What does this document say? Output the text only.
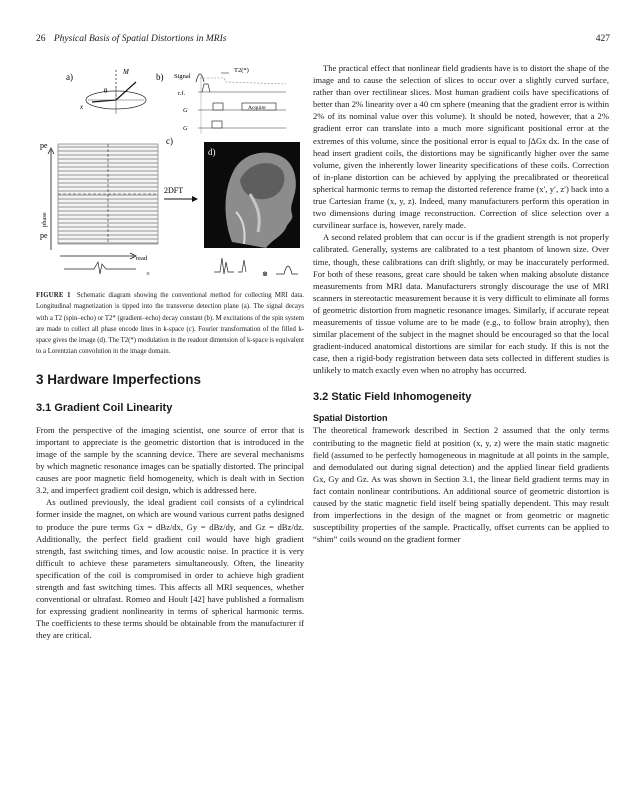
26 Physical Basis of Spatial Distortions in MRIs	427
a)	M
θ
x
b) Signal
T2(*)
r.f.
G
G
Acquire
pe
pe
c)
phase
read
×
2DFT
d)
⊗
FIGURE 1 Schematic diagram showing the conventional method for collecting MRI data. Longitudinal magnetization is tipped into the transverse detection plane (a). The signal decays with a T2 (spin–echo) or T2* (gradient–echo) decay constant (b). M excitations of the spin system are made to collect all phase encode lines in k-space (c). Fourier transformation of the filled k-space gives the image (d). The T2(*) modulation in the readout dimension of k-space is equivalent to a Lorentzian convolution in the image domain.
3 Hardware Imperfections
3.1 Gradient Coil Linearity

From the perspective of the imaging scientist, one source of error that is important to appreciate is the geometric distortion that is introduced in the image of the sample by the scanning device. There are several mechanisms by which magnetic resonance images can be spatially distorted. The principal causes are poor magnetic field homogeneity, which is dealt with in Section 3.2, and imperfect gradient coil design, which is addressed here.

As outlined previously, the ideal gradient coil consists of a cylindrical former inside the magnet, on which are wound various current paths designed to produce the pure terms Gx = dBz/dx, Gy = dBz/dy, and Gz = dBz/dz. Additionally, the perfect field gradient coil would have high gradient strength, fast switching times, and low acoustic noise. In practice it is very difficult to achieve these parameters simultaneously. Often, the linearity specification of the coil is compromised in order to achieve high gradient strength and fast switching times. This affects all MRI sequences, whether conventional or ultrafast. Romeo and Hoult [42] have published a formalism for expressing gradient nonlinearity in terms of spherical harmonic terms. The coefficients to these terms should be obtainable from the manufacturer if they are critical.

The practical effect that nonlinear field gradients have is to distort the shape of the image and to cause the selection of slices to occur over a slightly curved surface, rather than over rectilinear slices. Most human gradient coils have specifications of better than 2% linearity over a 40 cm sphere (meaning that the gradient error is within 2% of its nominal value over this volume). It should be noted, however, that a 2% gradient error can translate into a much more significant positional error at the extremes of this volume, since the positional error is equal to ∫ΔGx dx. In the case of head insert gradient coils, the distortions may be significantly higher over the same volume, given the inherently lower linearity specifications of these coils. Correction of in-plane distortion can be achieved by applying the precalibrated or theoretical spherical harmonic terms to remap the distorted reference frame (x′, y′, z′) back into a true Cartesian frame (x, y, z). Indeed, many manufacturers perform this operation in two dimensions during image reconstruction. Correction of slice selection over a curvilinear surface is, however, rarely made.

A second related problem that can occur is if the gradient strength is not properly calibrated. Generally, systems are calibrated to a test phantom of known size. Over time, though, these calibrations can drift slightly, or may be inaccurately performed. For both of these reasons, great care should be taken when making absolute distance measurements from MRI data. Manufacturers strongly discourage the use of MRI scanners in stereotactic measurement because it is very difficult to eliminate all forms of geometric distortion from magnetic resonance images. Similarly, if accurate repeat measurements of tissue volume are to be made (e.g., to follow brain atrophy), then similar placement of the subject in the magnet should be encouraged so that the local gradient-induced anatomical distortions are similar for each study. If this is not the case, then a rigid-body registration between data sets collected in different studies is unlikely to match exactly even when no atrophy has occurred.

3.2 Static Field Inhomogeneity
Spatial Distortion

The theoretical framework described in Section 2 assumed that the only terms contributing to the magnetic field at position (x, y, z) were the main static magnetic field (assumed to be perfectly homogeneous in magnitude at all points in the sample, and demodulated out during signal detection) and the applied linear field gradients Gx, Gy and Gz. As was shown in Section 3.1, the linear field gradient terms may in fact contain nonlinear contributions. An additional source of geometric distortion is caused by the static magnetic field itself being spatially dependent. This may result from imperfections in the design of the magnet or from geometric or magnetic susceptibility properties of the sample. Practically, offset currents can be applied to “shim” coils wound on the gradient former
